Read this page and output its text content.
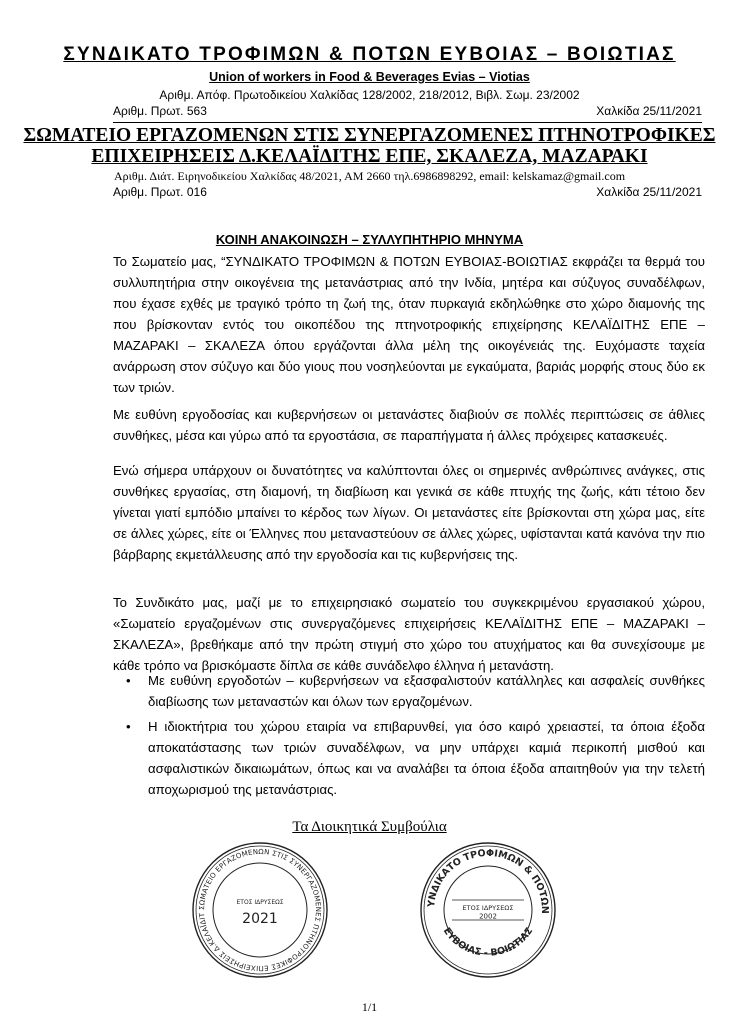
ΣΥΝΔΙΚΑΤΟ ΤΡΟΦΙΜΩΝ & ΠΟΤΩΝ ΕΥΒΟΙΑΣ – ΒΟΙΩΤΙΑΣ
Union of workers in Food & Beverages Evias – Viotias
Αριθμ. Απόφ. Πρωτοδικείου Χαλκίδας 128/2002, 218/2012, Βιβλ. Σωμ. 23/2002
Αριθμ. Πρωτ. 563	Χαλκίδα 25/11/2021
ΣΩΜΑΤΕΙΟ ΕΡΓΑΖΟΜΕΝΩΝ ΣΤΙΣ ΣΥΝΕΡΓΑΖΟΜΕΝΕΣ ΠΤΗΝΟΤΡΟΦΙΚΕΣ
ΕΠΙΧΕΙΡΗΣΕΙΣ Δ.ΚΕΛΑΪΔΙΤΗΣ ΕΠΕ, ΣΚΑΛΕΖΑ, ΜΑΖΑΡΑΚΙ
Αριθμ. Διάτ. Ειρηνοδικείου Χαλκίδας 48/2021, ΑΜ 2660 τηλ.6986898292, email: kelskamaz@gmail.com
Αριθμ. Πρωτ. 016	Χαλκίδα 25/11/2021
ΚΟΙΝΗ ΑΝΑΚΟΙΝΩΣΗ – ΣΥΛΛΥΠΗΤΗΡΙΟ ΜΗΝΥΜΑ

Το Σωματείο μας, “ΣΥΝΔΙΚΑΤΟ ΤΡΟΦΙΜΩΝ & ΠΟΤΩΝ ΕΥΒΟΙΑΣ-ΒΟΙΩΤΙΑΣ εκφράζει τα θερμά του συλλυπητήρια στην οικογένεια της μετανάστριας από την Ινδία, μητέρα και σύζυγος συναδέλφων, που έχασε εχθές με τραγικό τρόπο τη ζωή της, όταν πυρκαγιά εκδηλώθηκε στο χώρο διαμονής της που βρίσκονταν εντός του οικοπέδου της πτηνοτροφικής επιχείρησης ΚΕΛΑΪΔΙΤΗΣ ΕΠΕ – ΜΑΖΑΡΑΚΙ – ΣΚΑΛΕΖΑ όπου εργάζονται άλλα μέλη της οικογένειάς της. Ευχόμαστε ταχεία ανάρρωση στον σύζυγο και δύο γιους που νοσηλεύονται με εγκαύματα, βαριάς μορφής στους δύο εκ των τριών.

Με ευθύνη εργοδοσίας και κυβερνήσεων οι μετανάστες διαβιούν σε πολλές περιπτώσεις σε άθλιες συνθήκες, μέσα και γύρω από τα εργοστάσια, σε παραπήγματα ή άλλες πρόχειρες κατασκευές.

Ενώ σήμερα υπάρχουν οι δυνατότητες να καλύπτονται όλες οι σημερινές ανθρώπινες ανάγκες, στις συνθήκες εργασίας, στη διαμονή, τη διαβίωση και γενικά σε κάθε πτυχής της ζωής, κάτι τέτοιο δεν γίνεται γιατί εμπόδιο μπαίνει το κέρδος των λίγων. Οι μετανάστες είτε βρίσκονται στη χώρα μας, είτε σε άλλες χώρες, είτε οι Έλληνες που μεταναστεύουν σε άλλες χώρες, υφίστανται κατά κανόνα την πιο βάρβαρης εκμετάλλευσης από την εργοδοσία και τις κυβερνήσεις της.

Το Συνδικάτο μας, μαζί με το επιχειρησιακό σωματείο του συγκεκριμένου εργασιακού χώρου, «Σωματείο εργαζομένων στις συνεργαζόμενες επιχειρήσεις ΚΕΛΑΪΔΙΤΗΣ ΕΠΕ – ΜΑΖΑΡΑΚΙ – ΣΚΑΛΕΖΑ», βρεθήκαμε από την πρώτη στιγμή στο χώρο του ατυχήματος και θα συνεχίσουμε με κάθε τρόπο να βρισκόμαστε δίπλα σε κάθε συνάδελφο έλληνα ή μετανάστη.

• Με ευθύνη εργοδοτών – κυβερνήσεων να εξασφαλιστούν κατάλληλες και ασφαλείς συνθήκες διαβίωσης των μεταναστών και όλων των εργαζομένων.
• Η ιδιοκτήτρια του χώρου εταιρία να επιβαρυνθεί, για όσο καιρό χρειαστεί, τα όποια έξοδα αποκατάστασης των τριών συναδέλφων, να μην υπάρχει καμιά περικοπή μισθού και ασφαλιστικών δικαιωμάτων, όπως και να αναλάβει τα όποια έξοδα απαιτηθούν για την τελετή αποχωρισμού της μετανάστριας.
Τα Διοικητικά Συμβούλια
ΣΩΜΑΤΕΙΟ ΕΡΓΑΖΟΜΕΝΩΝ ΣΤΙΣ ΣΥΝΕΡΓΑΖΟΜΕΝΕΣ ΠΤΗΝΟΤΡΟΦΙΚΕΣ ΕΠΙΧΕΙΡΗΣΕΙΣ Δ.ΚΕΛΑΪΔΙΤ
ΕΤΟΣ ΙΔΡΥΣΕΩΣ
2021
ΥΝΔΙΚΑΤΟ ΤΡΟΦΙΜΩΝ & ΠΟΤΩΝ
ΕΥΒΟΙΑΣ - ΒΟΙΩΤΙΑΣ
ΕΤΟΣ ΙΔΡΥΣΕΩΣ
2002
1/1
